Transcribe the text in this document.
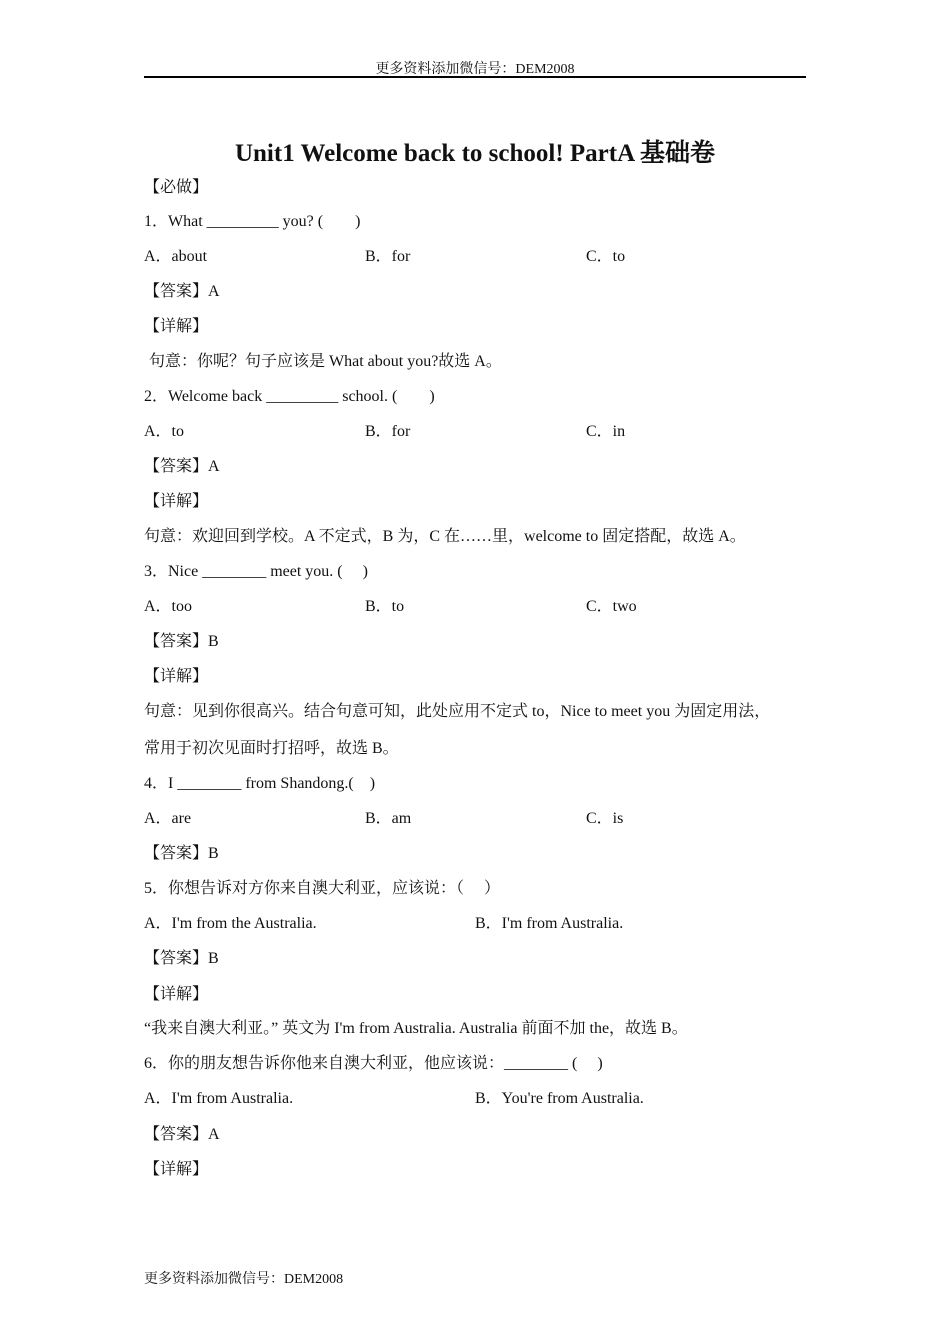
更多资料添加微信号：DEM2008
Unit1 Welcome back to school! PartA 基础卷
【必做】
1．What _________ you? (　　)
A．about	B．for	C．to
【答案】A
【详解】
句意：你呢？句子应该是 What about you?故选 A。
2．Welcome back _________ school. (　　)
A．to	B．for	C．in
【答案】A
【详解】
句意：欢迎回到学校。A 不定式，B 为，C 在……里，welcome to 固定搭配，故选 A。
3．Nice ________ meet you. (　 )
A．too	B．to	C．two
【答案】B
【详解】
句意：见到你很高兴。结合句意可知，此处应用不定式 to，Nice to meet you 为固定用法，
常用于初次见面时打招呼，故选 B。
4．I ________ from Shandong.(　)
A．are	B．am	C．is
【答案】B
5．你想告诉对方你来自澳大利亚，应该说：（　 ）
A．I'm from the Australia.	B．I'm from Australia.
【答案】B
【详解】
“我来自澳大利亚。” 英文为 I'm from Australia. Australia 前面不加 the，故选 B。
6．你的朋友想告诉你他来自澳大利亚，他应该说：________ (　 )
A．I'm from Australia.	B．You're from Australia.
【答案】A
【详解】
更多资料添加微信号：DEM2008
